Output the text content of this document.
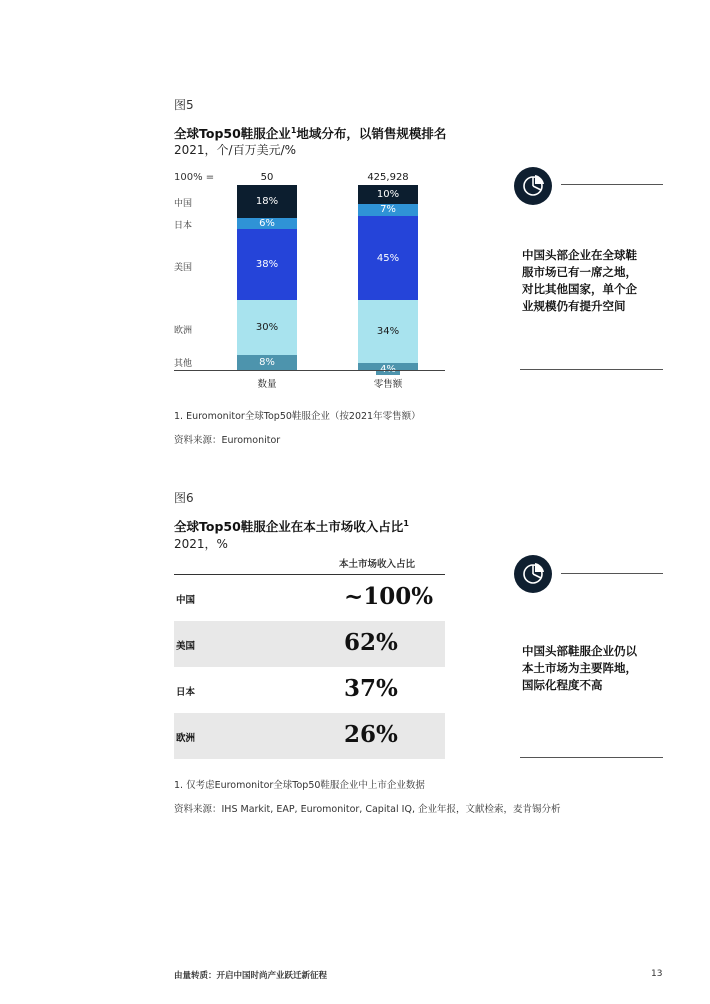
图5
全球Top50鞋服企业$^1$地域分布，以销售规模排名
2021，个/百万美元/%
100% =
中国
日本
美国
欧洲
其他
18%
6%
38%
30%
8%
10%
7%
45%
34%
50	425,928
数量	零售额
1. Euromonitor全球Top50鞋服企业（按2021年零售额）
资料来源：Euromonitor
中国头部企业在全球鞋
服市场已有一席之地，
对比其他国家，单个企
业规模仍有提升空间
图6
全球Top50鞋服企业在本土市场收入占比$^1$
2021，%
本土市场收入占比
中国	~100%
美国	62%
日本	37%
欧洲	26%
1. 仅考虑Euromonitor全球Top50鞋服企业中上市企业数据
资料来源：IHS Markit, EAP, Euromonitor, Capital IQ, 企业年报，文献检索，麦肯锡分析
中国头部鞋服企业仍以
本土市场为主要阵地，
国际化程度不高
由量转质：开启中国时尚产业跃迁新征程	13
